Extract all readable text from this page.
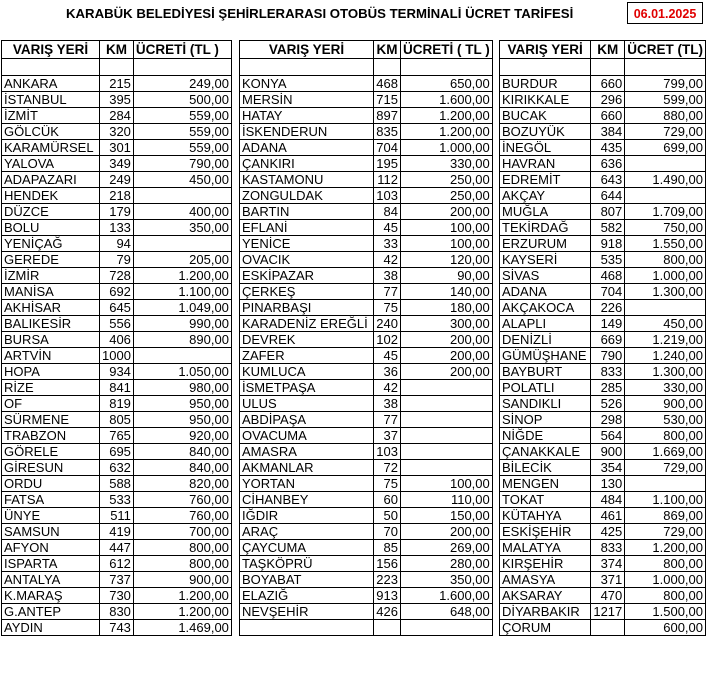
KARABÜK BELEDİYESİ ŞEHİRLERARASI OTOBÜS TERMİNALİ ÜCRET TARİFESİ	06.01.2025
VARIŞ YERİ	KM	ÜCRETİ (TL )

ANKARA	215	249,00
İSTANBUL	395	500,00
İZMİT	284	559,00
GÖLCÜK	320	559,00
KARAMÜRSEL	301	559,00
YALOVA	349	790,00
ADAPAZARI	249	450,00
HENDEK	218	
DÜZCE	179	400,00
BOLU	133	350,00
YENİÇAĞ	94	
GEREDE	79	205,00
İZMİR	728	1.200,00
MANİSA	692	1.100,00
AKHİSAR	645	1.049,00
BALIKESİR	556	990,00
BURSA	406	890,00
ARTVİN	1000	
HOPA	934	1.050,00
RİZE	841	980,00
OF	819	950,00
SÜRMENE	805	950,00
TRABZON	765	920,00
GÖRELE	695	840,00
GİRESUN	632	840,00
ORDU	588	820,00
FATSA	533	760,00
ÜNYE	511	760,00
SAMSUN	419	700,00
AFYON	447	800,00
ISPARTA	612	800,00
ANTALYA	737	900,00
K.MARAŞ	730	1.200,00
G.ANTEP	830	1.200,00
AYDIN	743	1.469,00
VARIŞ YERİ	KM	ÜCRETİ ( TL )

KONYA	468	650,00
MERSİN	715	1.600,00
HATAY	897	1.200,00
İSKENDERUN	835	1.200,00
ADANA	704	1.000,00
ÇANKIRI	195	330,00
KASTAMONU	112	250,00
ZONGULDAK	103	250,00
BARTIN	84	200,00
EFLANİ	45	100,00
YENİCE	33	100,00
OVACIK	42	120,00
ESKİPAZAR	38	90,00
ÇERKEŞ	77	140,00
PINARBAŞI	75	180,00
KARADENİZ EREĞLİ	240	300,00
DEVREK	102	200,00
ZAFER	45	200,00
KUMLUCA	36	200,00
İSMETPAŞA	42	
ULUS	38	
ABDİPAŞA	77	
OVACUMA	37	
AMASRA	103	
AKMANLAR	72	
YORTAN	75	100,00
CİHANBEY	60	110,00
IĞDIR	50	150,00
ARAÇ	70	200,00
ÇAYCUMA	85	269,00
TAŞKÖPRÜ	156	280,00
BOYABAT	223	350,00
ELAZIĞ	913	1.600,00
NEVŞEHİR	426	648,00

VARIŞ YERİ	KM	ÜCRET (TL)

BURDUR	660	799,00
KIRIKKALE	296	599,00
BUCAK	660	880,00
BOZUYÜK	384	729,00
İNEGÖL	435	699,00
HAVRAN	636	
EDREMİT	643	1.490,00
AKÇAY	644	
MUĞLA	807	1.709,00
TEKİRDAĞ	582	750,00
ERZURUM	918	1.550,00
KAYSERİ	535	800,00
SİVAS	468	1.000,00
ADANA	704	1.300,00
AKÇAKOCA	226	
ALAPLI	149	450,00
DENİZLİ	669	1.219,00
GÜMÜŞHANE	790	1.240,00
BAYBURT	833	1.300,00
POLATLI	285	330,00
SANDIKLI	526	900,00
SİNOP	298	530,00
NİĞDE	564	800,00
ÇANAKKALE	900	1.669,00
BİLECİK	354	729,00
MENGEN	130	
TOKAT	484	1.100,00
KÜTAHYA	461	869,00
ESKİŞEHİR	425	729,00
MALATYA	833	1.200,00
KIRŞEHİR	374	800,00
AMASYA	371	1.000,00
AKSARAY	470	800,00
DİYARBAKIR	1217	1.500,00
ÇORUM		600,00
